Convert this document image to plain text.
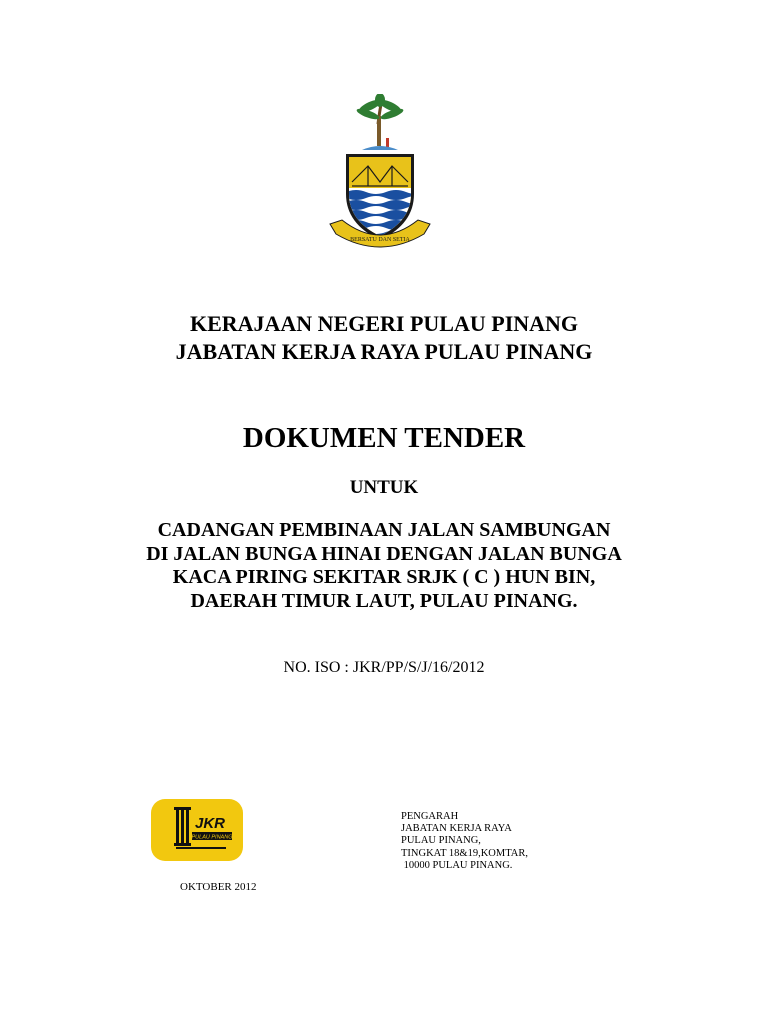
BERSATU DAN SETIA
KERAJAAN NEGERI PULAU PINANG
JABATAN KERJA RAYA PULAU PINANG
DOKUMEN TENDER
UNTUK
CADANGAN PEMBINAAN JALAN SAMBUNGAN
DI JALAN BUNGA HINAI DENGAN JALAN BUNGA
KACA PIRING SEKITAR SRJK ( C ) HUN BIN,
DAERAH TIMUR LAUT, PULAU PINANG.
NO. ISO : JKR/PP/S/J/16/2012
JKR
PULAU PINANG
OKTOBER 2012
PENGARAH
JABATAN KERJA RAYA
PULAU PINANG,
TINGKAT 18&19,KOMTAR,
10000 PULAU PINANG.
